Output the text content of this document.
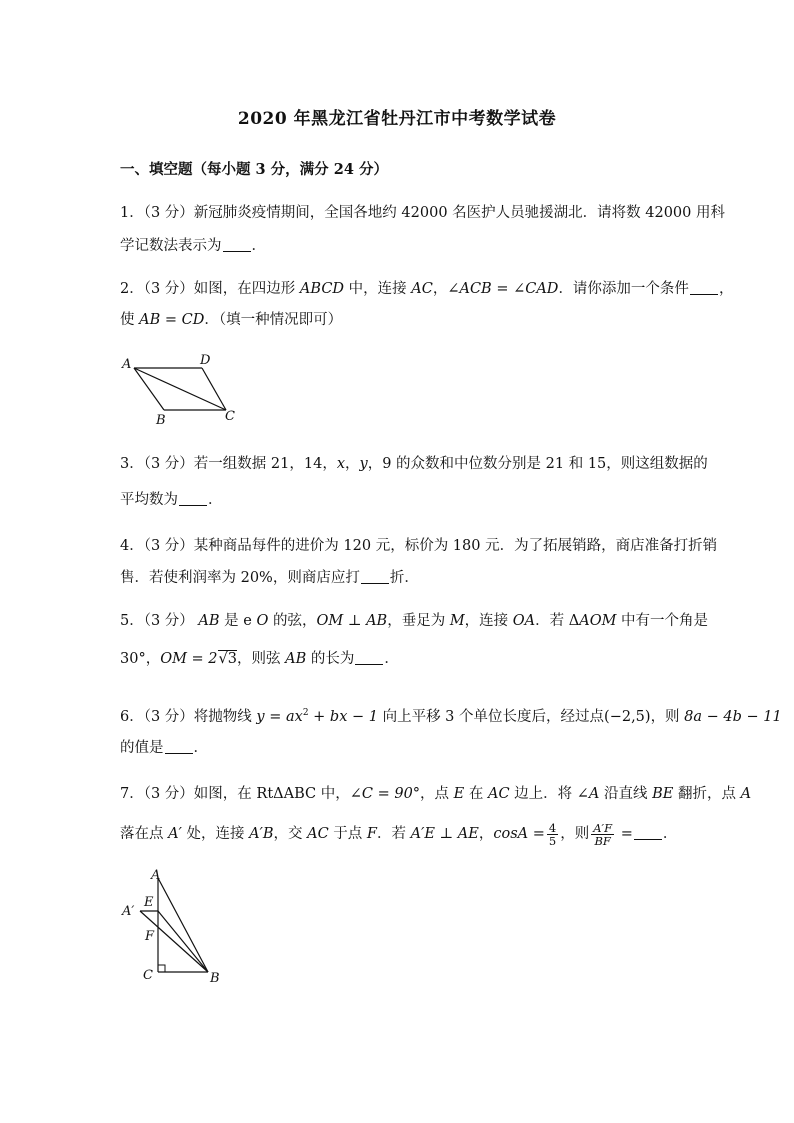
2020 年黑龙江省牡丹江市中考数学试卷
一、填空题（每小题 3 分，满分 24 分）
1．（3 分）新冠肺炎疫情期间，全国各地约 42000 名医护人员驰援湖北．请将数 42000 用科
学记数法表示为 ．
2．（3 分）如图，在四边形 ABCD 中，连接 AC，∠ACB = ∠CAD．请你添加一个条件 ，
使 AB = CD．（填一种情况即可）
A	D
B	C
3．（3 分）若一组数据 21，14，x，y，9 的众数和中位数分别是 21 和 15，则这组数据的
平均数为 ．
4．（3 分）某种商品每件的进价为 120 元，标价为 180 元．为了拓展销路，商店准备打折销
售．若使利润率为 20%，则商店应打 折．
5．（3 分） AB 是 e O 的弦，OM ⊥ AB，垂足为 M，连接 OA．若 ΔAOM 中有一个角是
30°，OM = 2√3，则弦 AB 的长为 ．
6．（3 分）将抛物线 $y = ax^2$ + bx − 1 向上平移 3 个单位长度后，经过点(−2,5)，则 8a − 4b − 11
的值是 ．
7．（3 分）如图，在 RtΔABC 中，∠C = 90°，点 E 在 AC 边上．将 ∠A 沿直线 BE 翻折，点 A
落在点 A′ 处，连接 A′B，交 AC 于点 F．若 A′E ⊥ AE，$\cos A = \frac{4}{5}$ ，则 $\frac{A'F}{BF}$ = ．
A
A′
E
F
C	B
